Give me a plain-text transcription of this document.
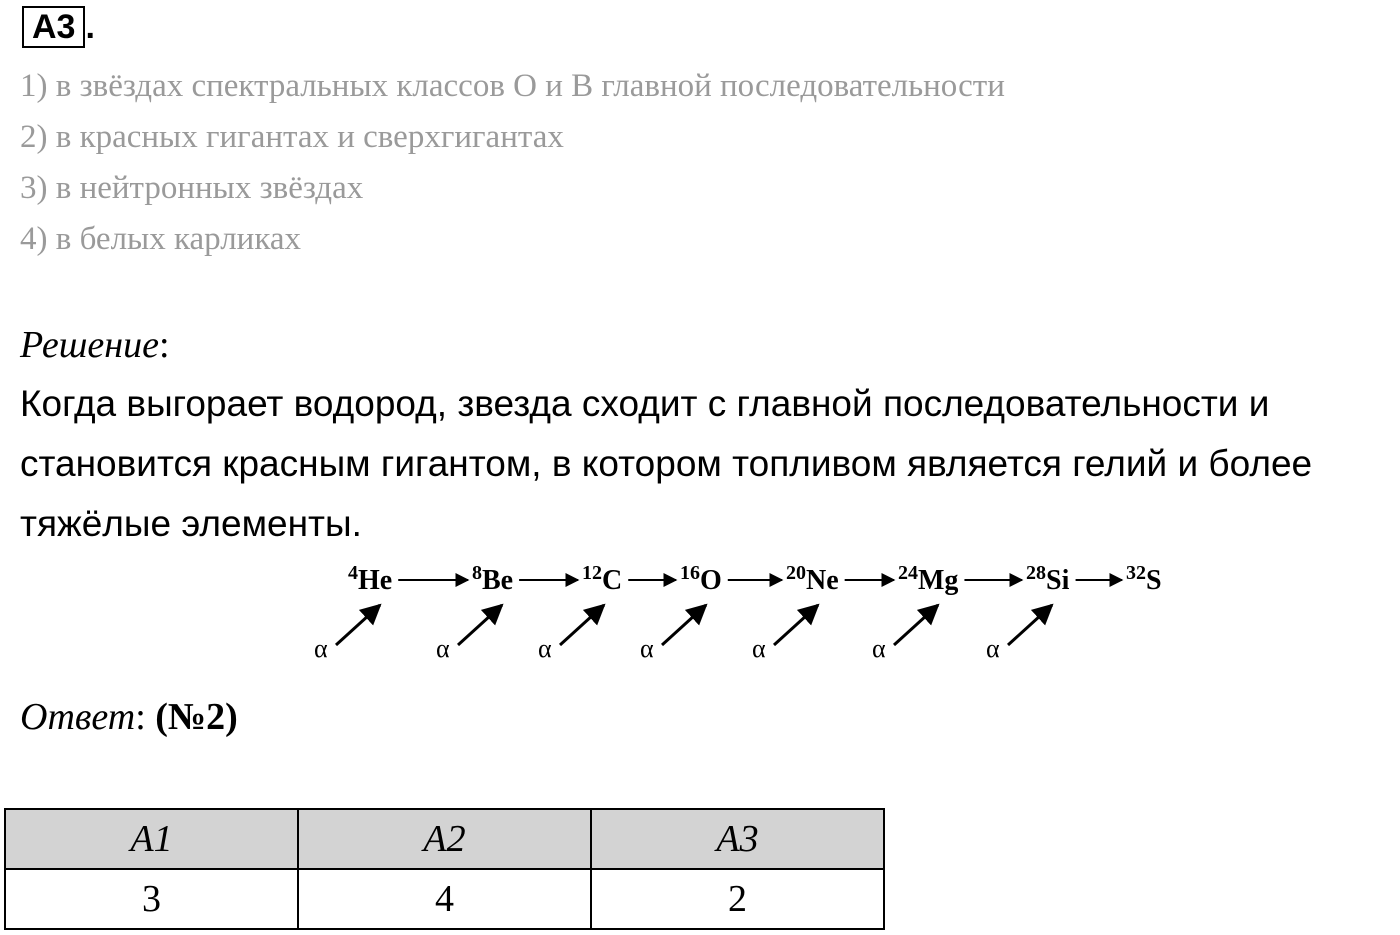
А3 .
1) в звёздах спектральных классов О и В главной последовательности
2) в красных гигантах и сверхгигантах
3) в нейтронных звёздах
4) в белых карликах
Решение:
Когда выгорает водород, звезда сходит с главной последовательности и
становится красным гигантом, в котором топливом является гелий и более
тяжёлые элементы.
$^4$He	$^8$Be	$^{12}$C	$^{16}$O	$^{20}$Ne	$^{24}$Mg	$^{28}$Si	$^{32}$S
α	α	α	α	α	α	α
Ответ: (№2)
А1	А2	А3
3	4	2
